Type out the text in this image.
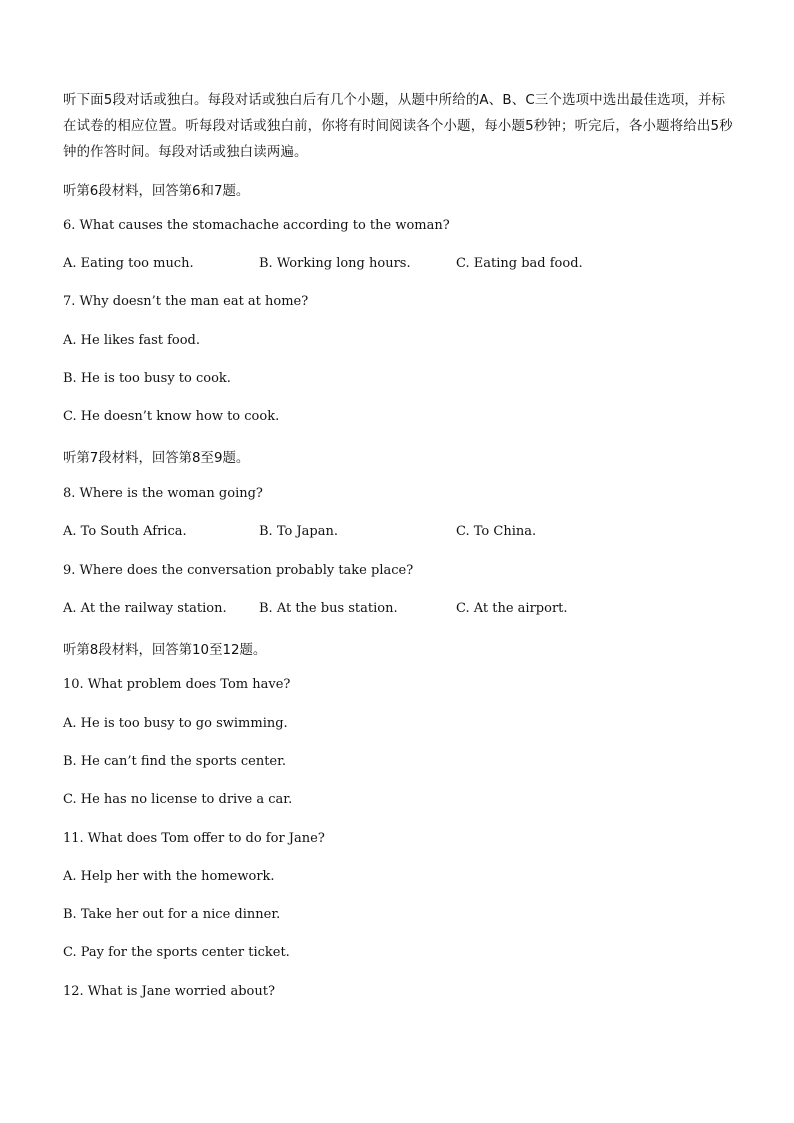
听下面5段对话或独白。每段对话或独白后有几个小题，从题中所给的A、B、C三个选项中选出最佳选项，并标在试卷的相应位置。听每段对话或独白前，你将有时间阅读各个小题，每小题5秒钟；听完后，各小题将给出5秒钟的作答时间。每段对话或独白读两遍。
听第6段材料，回答第6和7题。
6. What causes the stomachache according to the woman?
A. Eating too much.	B. Working long hours.	C. Eating bad food.
7. Why doesn’t the man eat at home?
A. He likes fast food.
B. He is too busy to cook.
C. He doesn’t know how to cook.
听第7段材料，回答第8至9题。
8. Where is the woman going?
A. To South Africa.	B. To Japan.	C. To China.
9. Where does the conversation probably take place?
A. At the railway station. B. At the bus station.	C. At the airport.
听第8段材料，回答第10至12题。
10. What problem does Tom have?
A. He is too busy to go swimming.
B. He can’t find the sports center.
C. He has no license to drive a car.
11. What does Tom offer to do for Jane?
A. Help her with the homework.
B. Take her out for a nice dinner.
C. Pay for the sports center ticket.
12. What is Jane worried about?
